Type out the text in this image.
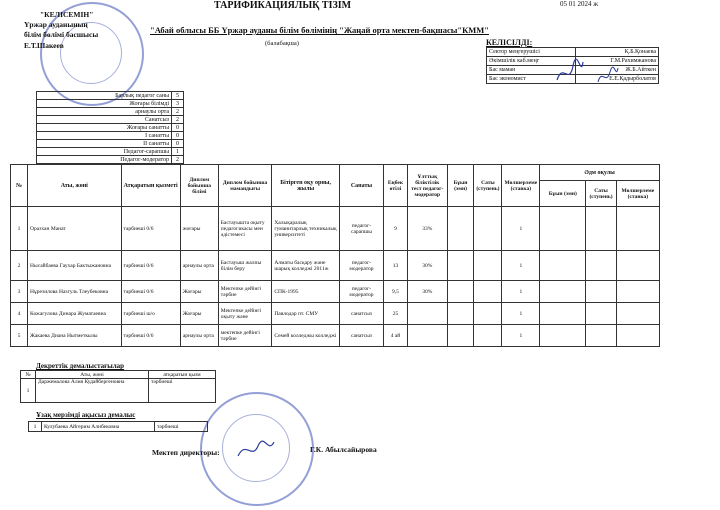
ТАРИФИКАЦИЯЛЫҚ ТІЗІМ	05 01 2024 ж
"КЕЛІСЕМІН"
Үржар ауданының
білім бөлімі басшысы
Е.Т.Шакеев
"Абай облысы ББ Үржар ауданы білім бөлімінің "Жаңай орта мектеп-бақшасы"КММ"
(балабақша)	КЕЛІСІЛДІ:
Сектор меңгерушісі	Қ.Б.Қонаева
Әкімшілік каб.меңг	Г.М.Рахимжанова
Бас маман	Ж.Б.Айткен
Бас экономист	Е.Е.Қадырболатов
Барлық педагог саны	5
Жоғары білімді	3
арнаулы орта	2
Санатсыз	2
Жоғары санатты	0
І санатты	0
ІІ санатты	0
Педагог-сарапшы	1
Педагог-модератор	2
№	Аты, жөні	Атқаратын қызметі	Диплом бойынша білімі	Диплом бойынша мамандығы	Бітірген оқу орны, жылы	Санаты	Еңбек өтілі	Ұлттық біліктілік тест педагог-модератор	Бұын (эмн)	Саты (ступень)	Мөлшерлеме (ставка)	Әдм оқулы		
												Бұын (эмн)	Саты (ступень)	Мөлшерлеме (ставка)
1	Оразхан Манат	тәрбиеші 0/6	жоғары	Бастауышта оқыту педагогикасы мен әдістемесі	Халықаралық гуманитарлық техникалық университеті	педагог-сарапшы	9	33%			1			
2	Нысайбаева Гаухар Бактыжановна	тәрбиеші 0/6	арнаулы орта	Бастауыш жалпы білім беру	Алматы басқару және шарық колледжі 2011ж	педагог-модератор	13	30%			1			
3	Нұрезилова Назгуль Тлеубековна	тәрбиеші 0/6	Жоғары	Мектепке дейінгі тәрбие	СПК-1995	педагог-модератор	9,5	30%			1			
4	Кожагулова Динара Жуматаевна	тәрбиеші ш/о	Жоғары	Мектепке дейінгі оқыту және	Павлодар пт. СМУ	санатсыз	25				1			
5	Жакаева Диана Нытметкызы	тәрбиеші 0/6	арнаулы орта	мектепке дейінгі тәрбие	Семей колледжы колледжі	санатсыз	4 ай				1			
Декреттік демалыстағылар
№	Аты, жөні	атқаратын қызм
1	Даржемалова Алия Кудайбергеновна	тәрбиеші
Ұзақ мерзімді ақысыз демалыс
1	Кулубаева Айгерим Алибековна	тәрбиеші
Мектеп директоры:	Г.К. Абылсайырова
